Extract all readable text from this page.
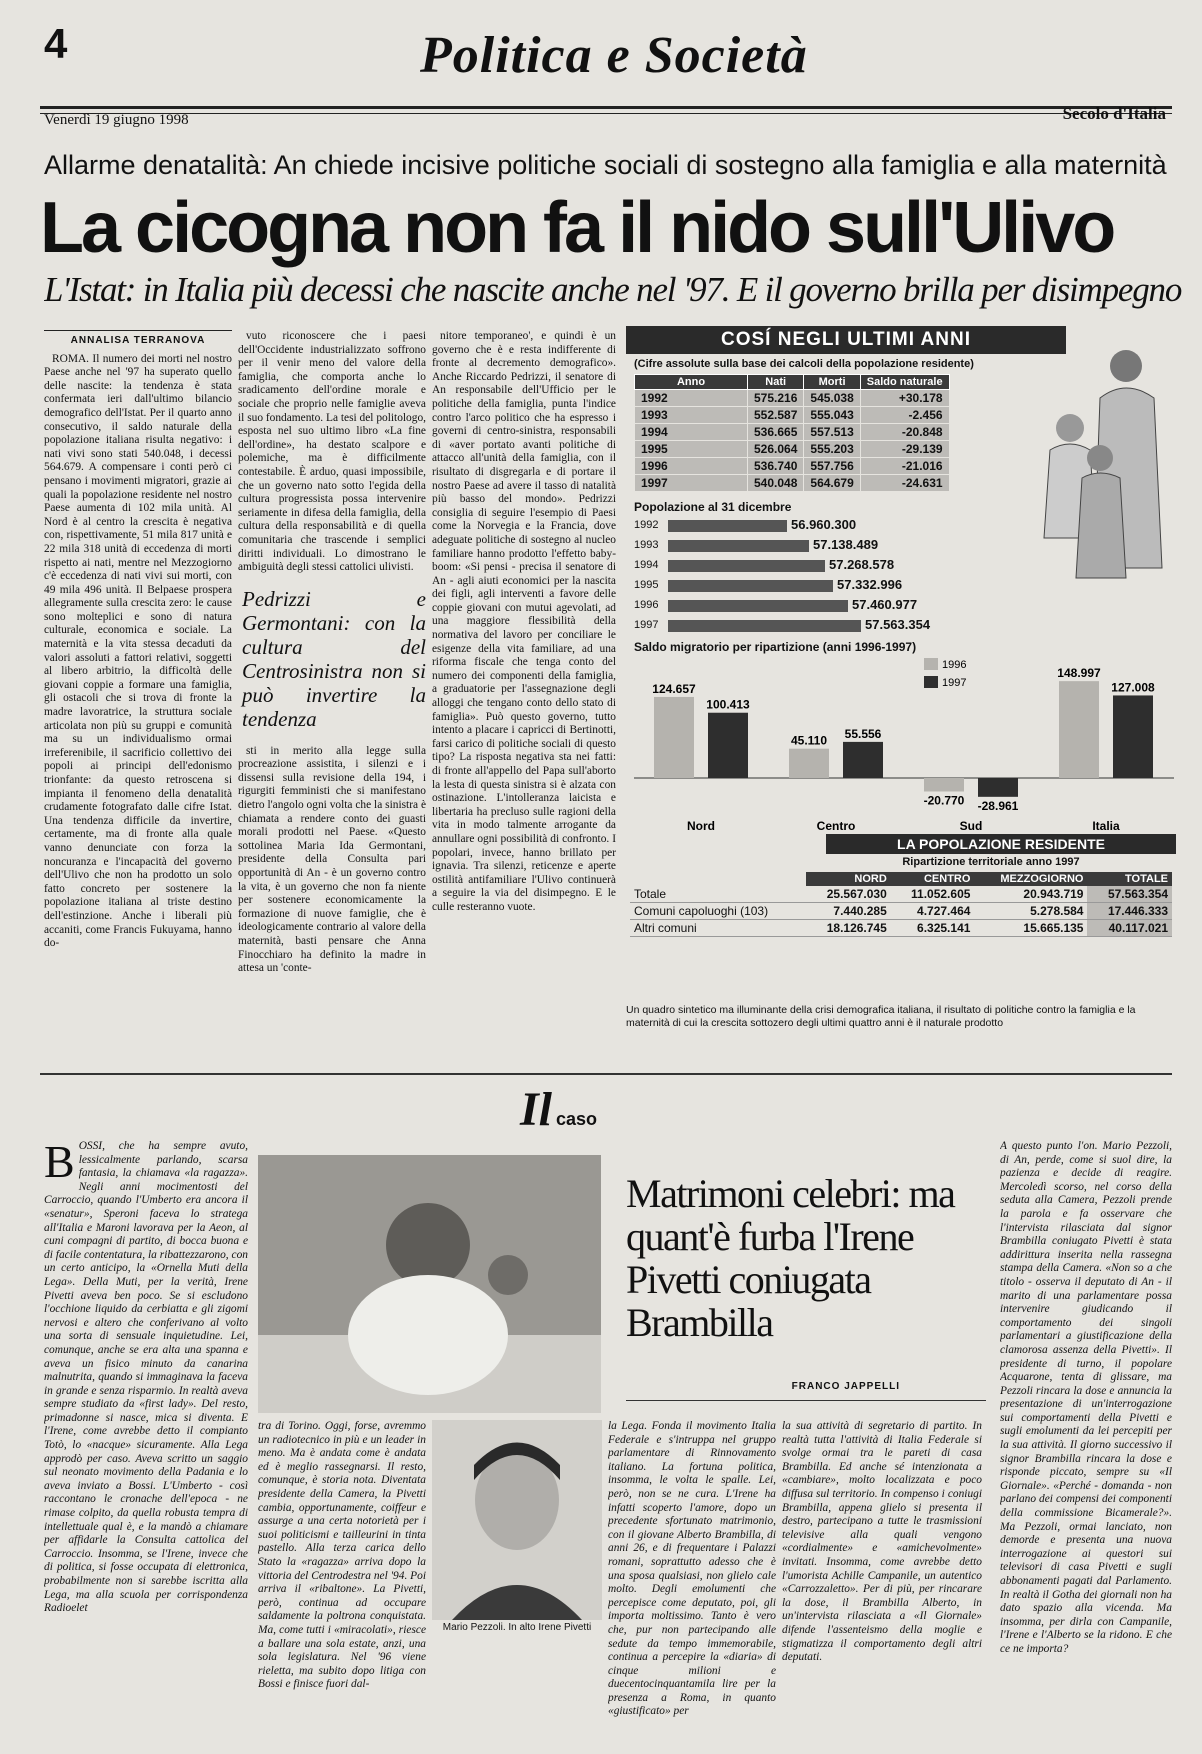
4	Politica e Società
Venerdì 19 giugno 1998	Secolo d'Italia
Allarme denatalità: An chiede incisive politiche sociali di sostegno alla famiglia e alla maternità
La cicogna non fa il nido sull'Ulivo
L'Istat: in Italia più decessi che nascite anche nel '97. E il governo brilla per disimpegno
ANNALISA TERRANOVA

ROMA. Il numero dei morti nel nostro Paese anche nel '97 ha superato quello delle nascite: la tendenza è stata confermata ieri dall'ultimo bilancio demografico dell'Istat. Per il quarto anno consecutivo, il saldo naturale della popolazione italiana risulta negativo: i nati vivi sono stati 540.048, i decessi 564.679. A compensare i conti però ci pensano i movimenti migratori, grazie ai quali la popolazione residente nel nostro Paese aumenta di 102 mila unità. Al Nord è al centro la crescita è negativa con, rispettivamente, 51 mila 817 unità e 22 mila 318 unità di eccedenza di morti rispetto ai nati, mentre nel Mezzogiorno c'è eccedenza di nati vivi sui morti, con 49 mila 496 unità. Il Belpaese prospera allegramente sulla crescita zero: le cause sono molteplici e sono di natura culturale, economica e sociale. La maternità e la vita stessa decaduti da valori assoluti a fattori relativi, soggetti al libero arbitrio, la difficoltà delle giovani coppie a formare una famiglia, gli ostacoli che si trova di fronte la madre lavoratrice, la struttura sociale articolata non più su gruppi e comunità ma su un individualismo ormai irreferenibile, il sacrificio collettivo dei popoli ai principi dell'edonismo trionfante: da questo retroscena si impianta il fenomeno della denatalità crudamente fotografato dalle cifre Istat. Una tendenza difficile da invertire, certamente, ma di fronte alla quale vanno denunciate con forza la noncuranza e l'incapacità del governo dell'Ulivo che non ha prodotto un solo fatto concreto per sostenere la popolazione italiana al triste destino dell'estinzione. Anche i liberali più accaniti, come Francis Fukuyama, hanno do-

vuto riconoscere che i paesi dell'Occidente industrializzato soffrono per il venir meno del valore della famiglia, che comporta anche lo sradicamento dell'ordine morale e sociale che proprio nelle famiglie aveva il suo fondamento. La tesi del politologo, esposta nel suo ultimo libro «La fine dell'ordine», ha destato scalpore e polemiche, ma è difficilmente contestabile. È arduo, quasi impossibile, che un governo nato sotto l'egida della cultura progressista possa intervenire seriamente in difesa della famiglia, della cultura della responsabilità e di quella comunitaria che trascende i semplici diritti individuali. Lo dimostrano le ambiguità degli stessi cattolici ulivisti.

Pedrizzi e Germontani: con la cultura del Centrosinistra non si può invertire la tendenza

sti in merito alla legge sulla procreazione assistita, i silenzi e i dissensi sulla revisione della 194, i rigurgiti femministi che si manifestano dietro l'angolo ogni volta che la sinistra è chiamata a rendere conto dei guasti morali prodotti nel Paese. «Questo sottolinea Maria Ida Germontani, presidente della Consulta pari opportunità di An - è un governo contro la vita, è un governo che non fa niente per sostenere economicamente la formazione di nuove famiglie, che è ideologicamente contrario al valore della maternità, basti pensare che Anna Finocchiaro ha definito la madre in attesa un 'conte-

nitore temporaneo', e quindi è un governo che è e resta indifferente di fronte al decremento demografico». Anche Riccardo Pedrizzi, il senatore di An responsabile dell'Ufficio per le politiche della famiglia, punta l'indice contro l'arco politico che ha espresso i governi di centro-sinistra, responsabili di «aver portato avanti politiche di attacco all'unità della famiglia, con il risultato di disgregarla e di portare il nostro Paese ad avere il tasso di natalità più basso del mondo». Pedrizzi consiglia di seguire l'esempio di Paesi come la Norvegia e la Francia, dove adeguate politiche di sostegno al nucleo familiare hanno prodotto l'effetto baby-boom: «Si pensi - precisa il senatore di An - agli aiuti economici per la nascita dei figli, agli interventi a favore delle coppie giovani con mutui agevolati, ad una maggiore flessibilità della normativa del lavoro per conciliare le esigenze della vita familiare, ad una riforma fiscale che tenga conto del numero dei componenti della famiglia, a graduatorie per l'assegnazione degli alloggi che tengano conto dello stato di famiglia». Può questo governo, tutto intento a placare i capricci di Bertinotti, farsi carico di politiche sociali di questo tipo? La risposta negativa sta nei fatti: di fronte all'appello del Papa sull'aborto la lesta di questa sinistra si è alzata con ostinazione. L'intolleranza laicista e libertaria ha precluso sulle ragioni della vita in modo talmente arrogante da annullare ogni possibilità di confronto. I popolari, invece, hanno brillato per ignavia. Tra silenzi, reticenze e aperte ostilità antifamiliare l'Ulivo continuerà a seguire la via del disimpegno. E le culle resteranno vuote.

COSÍ NEGLI ULTIMI ANNI
(Cifre assolute sulla base dei calcoli della popolazione residente)
Anno	Nati	Morti	Saldo naturale
1992	575.216	545.038	+30.178
1993	552.587	555.043	-2.456
1994	536.665	557.513	-20.848
1995	526.064	555.203	-29.139
1996	536.740	557.756	-21.016
1997	540.048	564.679	-24.631
Popolazione al 31 dicembre
1992	56.960.300
1993	57.138.489
1994	57.268.578
1995	57.332.996
1996	57.460.977
1997	57.563.354
Saldo migratorio per ripartizione (anni 1996-1997)
124.657
100.413
Nord
45.110 55.556
Centro
-20.770 -28.961
Sud
148.997
127.008
Italia
1996
1997
LA POPOLAZIONE RESIDENTE
Ripartizione territoriale anno 1997
	NORD	CENTRO	MEZZOGIORNO	TOTALE
Totale	25.567.030	11.052.605	20.943.719	57.563.354
Comuni capoluoghi (103)	7.440.285	4.727.464	5.278.584	17.446.333
Altri comuni	18.126.745	6.325.141	15.665.135	40.117.021
Un quadro sintetico ma illuminante della crisi demografica italiana, il risultato di politiche contro la famiglia e la maternità di cui la crescita sottozero degli ultimi quattro anni è il naturale prodotto
Il caso
B OSSI, che ha sempre avuto, lessicalmente parlando, scarsa fantasia, la chiamava «la ragazza». Negli anni mocimentosti del Carroccio, quando l'Umberto era ancora il «senatur», Speroni faceva lo stratega all'Italia e Maroni lavorava per la Aeon, al cuni compagni di partito, di bocca buona e di facile contentatura, la ribattezzarono, con un certo anticipo, la «Ornella Muti della Lega». Della Muti, per la verità, Irene Pivetti aveva ben poco. Se si escludono l'occhione liquido da cerbiatta e gli zigomi nervosi e altero che conferivano al volto una sorta di sensuale inquietudine. Lei, comunque, anche se era alta una spanna e aveva un fisico minuto da canarina malnutrita, quando si immaginava la faceva in grande e senza risparmio. In realtà aveva sempre studiato da «first lady». Del resto, primadonne si nasce, mica si diventa. E l'Irene, come avrebbe detto il compianto Totò, lo «nacque» sicuramente. Alla Lega approdò per caso. Aveva scritto un saggio sul neonato movimento della Padania e lo aveva inviato a Bossi. L'Umberto - così raccontano le cronache dell'epoca - ne rimase colpito, da quella robusta tempra di intellettuale qual è, e la mandò a chiamare per affidarle la Consulta cattolica del Carroccio. Insomma, se l'Irene, invece che di politica, si fosse occupata di elettronica, probabilmente non si sarebbe iscritta alla Lega, ma alla scuola per corrispondenza Radioelet
tra di Torino. Oggi, forse, avremmo un radiotecnico in più e un leader in meno. Ma è andata come è andata ed è meglio rassegnarsi. Il resto, comunque, è storia nota. Diventata presidente della Camera, la Pivetti cambia, opportunamente, coiffeur e assurge a una certa notorietà per i suoi politicismi e tailleurini in tinta pastello. Alla terza carica dello Stato la «ragazza» arriva dopo la vittoria del Centrodestra nel '94. Poi arriva il «ribaltone». La Pivetti, però, continua ad occupare saldamente la poltrona conquistata. Ma, come tutti i «miracolati», riesce a ballare una sola estate, anzi, una sola legislatura. Nel '96 viene rieletta, ma subito dopo litiga con Bossi e finisce fuori dal-
Mario Pezzoli. In alto Irene Pivetti
Matrimoni celebri: ma quant'è furba l'Irene Pivetti coniugata Brambilla
FRANCO JAPPELLI
la Lega. Fonda il movimento Italia Federale e s'intruppa nel gruppo parlamentare di Rinnovamento italiano. La fortuna politica, insomma, le volta le spalle. Lei, però, non se ne cura. L'Irene ha infatti scoperto l'amore, dopo un precedente sfortunato matrimonio, con il giovane Alberto Brambilla, di anni 26, e di frequentare i Palazzi romani, soprattutto adesso che è una sposa qualsiasi, non glielo cale molto. Degli emolumenti che percepisce come deputato, poi, gli importa moltissimo. Tanto è vero che, pur non partecipando alle sedute da tempo immemorabile, continua a percepire la «diaria» di cinque milioni e duecentocinquantamila lire per la presenza a Roma, in quanto «giustificato» per
la sua attività di segretario di partito. In realtà tutta l'attività di Italia Federale si svolge ormai tra le pareti di casa Brambilla. Ed anche sé intenzionata a «cambiare», molto localizzata e poco diffusa sul territorio. In compenso i coniugi Brambilla, appena glielo si presenta il destro, partecipano a tutte le trasmissioni televisive alla quali vengono «cordialmente» e «amichevolmente» invitati. Insomma, come avrebbe detto l'umorista Achille Campanile, un autentico «Carrozzaletto». Per di più, per rincarare la dose, il Brambilla Alberto, in un'intervista rilasciata a «Il Giornale» difende l'assenteismo della moglie e stigmatizza il comportamento degli altri deputati.
A questo punto l'on. Mario Pezzoli, di An, perde, come si suol dire, la pazienza e decide di reagire. Mercoledì scorso, nel corso della seduta alla Camera, Pezzoli prende la parola e fa osservare che l'intervista rilasciata dal signor Brambilla coniugato Pivetti è stata addirittura inserita nella rassegna stampa della Camera. «Non so a che titolo - osserva il deputato di An - il marito di una parlamentare possa intervenire giudicando il comportamento dei singoli parlamentari a giustificazione della clamorosa assenza della Pivetti». Il presidente di turno, il popolare Acquarone, tenta di glissare, ma Pezzoli rincara la dose e annuncia la presentazione di un'interrogazione sui comportamenti della Pivetti e sugli emolumenti da lei percepiti per la sua attività. Il giorno successivo il signor Brambilla rincara la dose e risponde piccato, sempre su «Il Giornale». «Perché - domanda - non parlano dei compensi dei componenti della commissione Bicamerale?». Ma Pezzoli, ormai lanciato, non demorde e presenta una nuova interrogazione ai questori sui televisori di casa Pivetti e sugli abbonamenti pagati dal Parlamento. In realtà il Gotha dei giornali non ha dato spazio alla vicenda. Ma insomma, per dirla con Campanile, l'Irene e l'Alberto se la ridono. E che ce ne importa?
